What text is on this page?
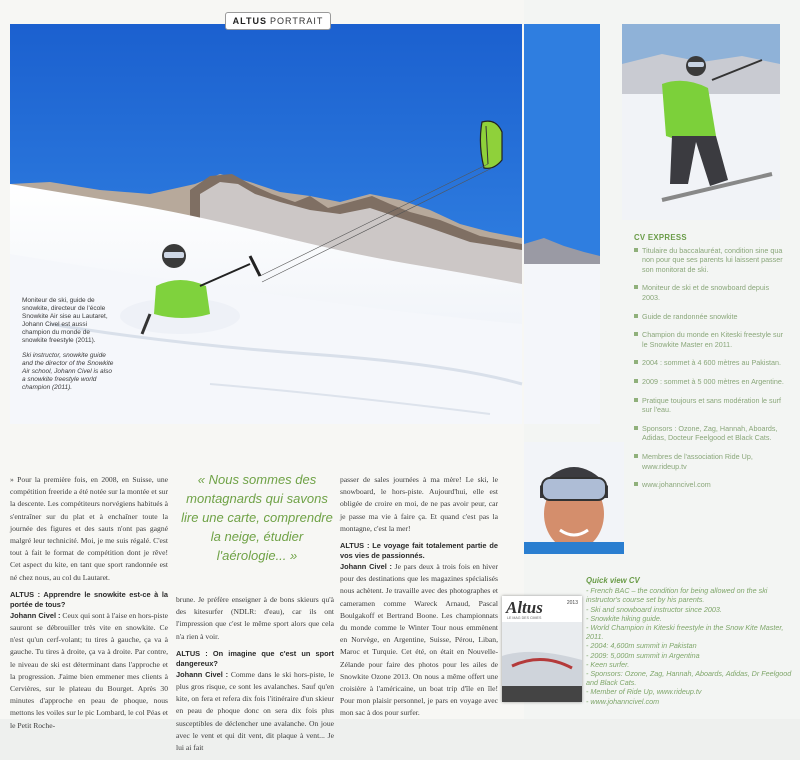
ALTUS PORTRAIT

Moniteur de ski, guide de snowkite, directeur de l'école Snowkite Air sise au Lautaret, Johann Civel est aussi champion du monde de snowkite freestyle (2011).

Ski instructor, snowkite guide and the director of the Snowkite Air school, Johann Civel is also a snowkite freestyle world champion (2011).

» Pour la première fois, en 2008, en Suisse, une compétition freeride a été notée sur la montée et sur la descente. Les compétiteurs norvégiens habitués à s'entraîner sur du plat et à enchaîner toute la journée des figures et des sauts n'ont pas gagné malgré leur technicité. Moi, je me suis régalé. C'est tout à fait le format de compétition dont je rêve! Cet aspect du kite, en tant que sport randonnée est né chez nous, au col du Lautaret.

ALTUS : Apprendre le snowkite est-ce à la portée de tous?

Johann Civel : Ceux qui sont à l'aise en hors-piste sauront se débrouiller très vite en snowkite. Ce n'est qu'un cerf-volant; tu tires à gauche, ça va à gauche. Tu tires à droite, ça va à droite. Par contre, le niveau de ski est déterminant dans l'approche et la progression. J'aime bien emmener mes clients à Cervières, sur le plateau du Bourget. Après 30 minutes d'approche en peau de phoque, nous mettons les voiles sur le pic Lombard, le col Péas et le Petit Roche-

« Nous sommes des montagnards qui savons lire une carte, comprendre la neige, étudier l'aérologie... »

brune. Je préfère enseigner à de bons skieurs qu'à des kitesurfer (NDLR: d'eau), car ils ont l'impression que c'est le même sport alors que cela n'a rien à voir.

ALTUS : On imagine que c'est un sport dangereux?

Johann Civel : Comme dans le ski hors-piste, le plus gros risque, ce sont les avalanches. Sauf qu'en kite, on fera et refera dix fois l'itinéraire d'un skieur en peau de phoque donc on sera dix fois plus susceptibles de déclencher une avalanche. On joue avec le vent et qui dit vent, dit plaque à vent... Je lui ai fait

passer de sales journées à ma mère! Le ski, le snowboard, le hors-piste. Aujourd'hui, elle est obligée de croire en moi, de ne pas avoir peur, car je passe ma vie à faire ça. Et quand c'est pas la montagne, c'est la mer!

ALTUS : Le voyage fait totalement partie de vos vies de passionnés.

Johann Civel : Je pars deux à trois fois en hiver pour des destinations que les magazines spécialisés nous achètent. Je travaille avec des photographes et cameramen comme Wareck Arnaud, Pascal Boulgakoff et Bertrand Boone. Les championnats du monde comme le Winter Tour nous emmènent en Norvège, en Argentine, Suisse, Pérou, Liban, Maroc et Turquie. Cet été, on était en Nouvelle-Zélande pour faire des photos pour les ailes de Snowkite Ozone 2013. On nous a même offert une croisière à l'américaine, un boat trip d'île en île! Pour mon plaisir personnel, je pars en voyage avec mon sac à dos pour surfer.

CV EXPRESS
Titulaire du baccalauréat, condition sine qua non pour que ses parents lui laissent passer son monitorat de ski.
Moniteur de ski et de snowboard depuis 2003.
Guide de randonnée snowkite
Champion du monde en Kiteski freestyle sur le Snowkite Master en 2011.
2004 : sommet à 4 600 mètres au Pakistan.
2009 : sommet à 5 000 mètres en Argentine.
Pratique toujours et sans modération le surf sur l'eau.
Sponsors : Ozone, Zag, Hannah, Aboards, Adidas, Docteur Feelgood et Black Cats.
Membres de l'association Ride Up, www.rideup.tv
www.johanncivel.com
Quick view CV
- French BAC – the condition for being allowed on the ski instructor's course set by his parents.
- Ski and snowboard instructor since 2003.
- Snowkite hiking guide.
- World Champion in Kiteski freestyle in the Snow Kite Master, 2011.
- 2004: 4,600m summit in Pakistan
- 2009: 5,000m summit in Argentina
- Keen surfer.
- Sponsors: Ozone, Zag, Hannah, Aboards, Adidas, Dr Feelgood and Black Cats.
- Member of Ride Up, www.rideup.tv
- www.johanncivel.com
Altus
LE MAG DES CIMES
2013
